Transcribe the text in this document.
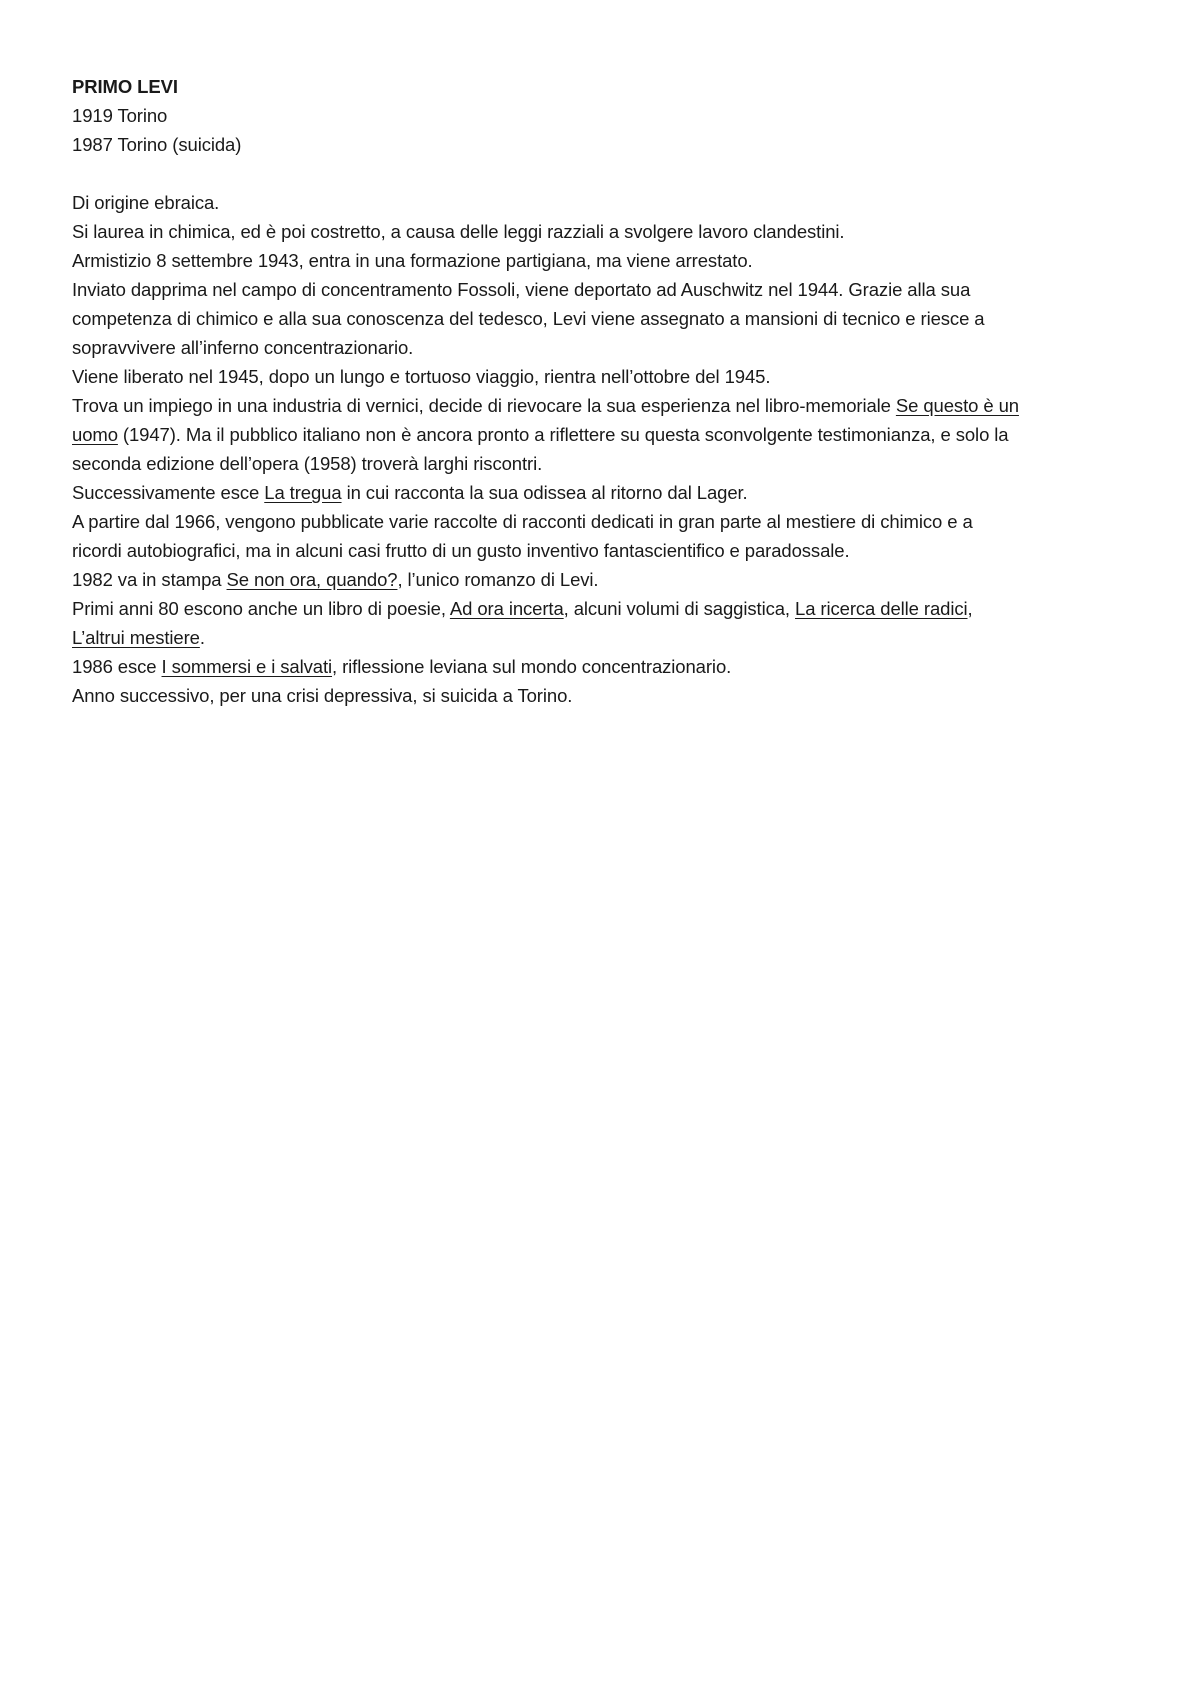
PRIMO LEVI
1919 Torino
1987 Torino (suicida)
Di origine ebraica.
Si laurea in chimica, ed è poi costretto, a causa delle leggi razziali a svolgere lavoro clandestini.
Armistizio 8 settembre 1943, entra in una formazione partigiana, ma viene arrestato.
Inviato dapprima nel campo di concentramento Fossoli, viene deportato ad Auschwitz nel 1944. Grazie alla sua
competenza di chimico e alla sua conoscenza del tedesco, Levi viene assegnato a mansioni di tecnico e riesce a
sopravvivere all’inferno concentrazionario.
Viene liberato nel 1945, dopo un lungo e tortuoso viaggio, rientra nell’ottobre del 1945.
Trova un impiego in una industria di vernici, decide di rievocare la sua esperienza nel libro-memoriale Se questo è un
uomo (1947). Ma il pubblico italiano non è ancora pronto a riflettere su questa sconvolgente testimonianza, e solo la
seconda edizione dell’opera (1958) troverà larghi riscontri.
Successivamente esce La tregua in cui racconta la sua odissea al ritorno dal Lager.
A partire dal 1966, vengono pubblicate varie raccolte di racconti dedicati in gran parte al mestiere di chimico e a
ricordi autobiografici, ma in alcuni casi frutto di un gusto inventivo fantascientifico e paradossale.
1982 va in stampa Se non ora, quando?, l’unico romanzo di Levi.
Primi anni 80 escono anche un libro di poesie, Ad ora incerta, alcuni volumi di saggistica, La ricerca delle radici,
L’altrui mestiere.
1986 esce I sommersi e i salvati, riflessione leviana sul mondo concentrazionario.
Anno successivo, per una crisi depressiva, si suicida a Torino.
